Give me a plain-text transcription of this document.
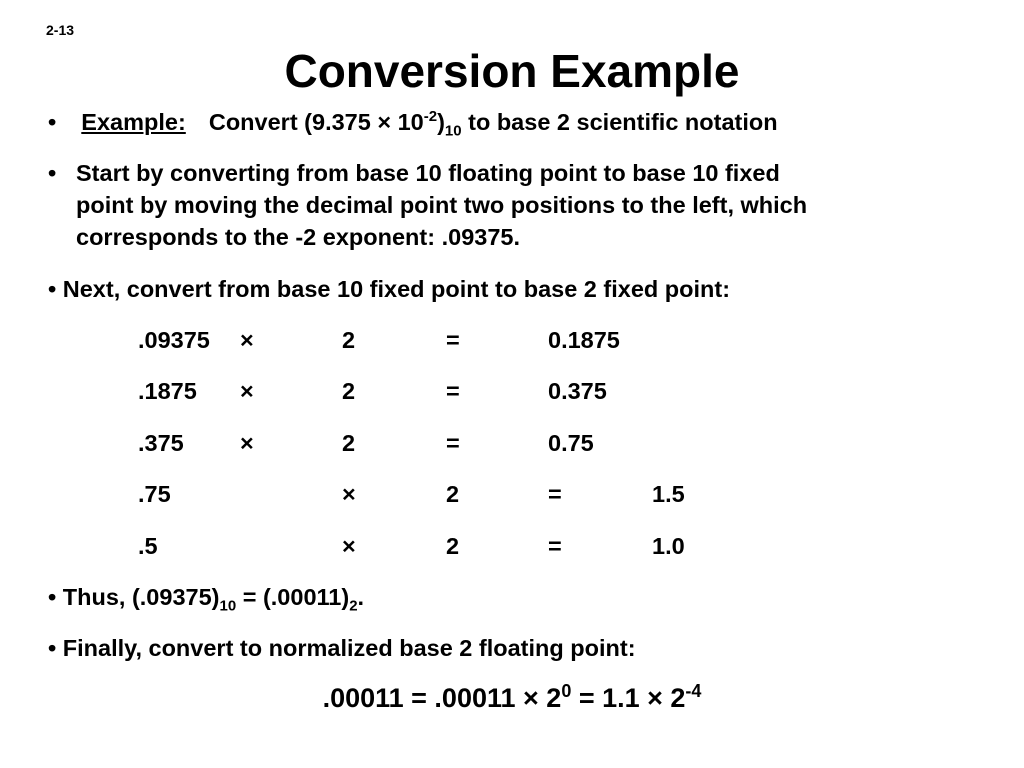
2-13
Conversion Example
• Example: Convert $(9.375 \times 10^{-2})_{10}$ to base 2 scientific notation
• Start by converting from base 10 floating point to base 10 fixed
point by moving the decimal point two positions to the left, which
corresponds to the -2 exponent: .09375.
• Next, convert from base 10 fixed point to base 2 fixed point:
.09375 ×	2	=	0.1875
.1875 ×	2	=	0.375
.375 ×	2	=	0.75
.75	×	2	=	1.5
.5	×	2	=	1.0
• Thus, $(.09375)_{10} = (.00011)_2$.
• Finally, convert to normalized base 2 floating point:
$.00011 = .00011 \times 2^0 = 1.1 \times 2^{-4}$
